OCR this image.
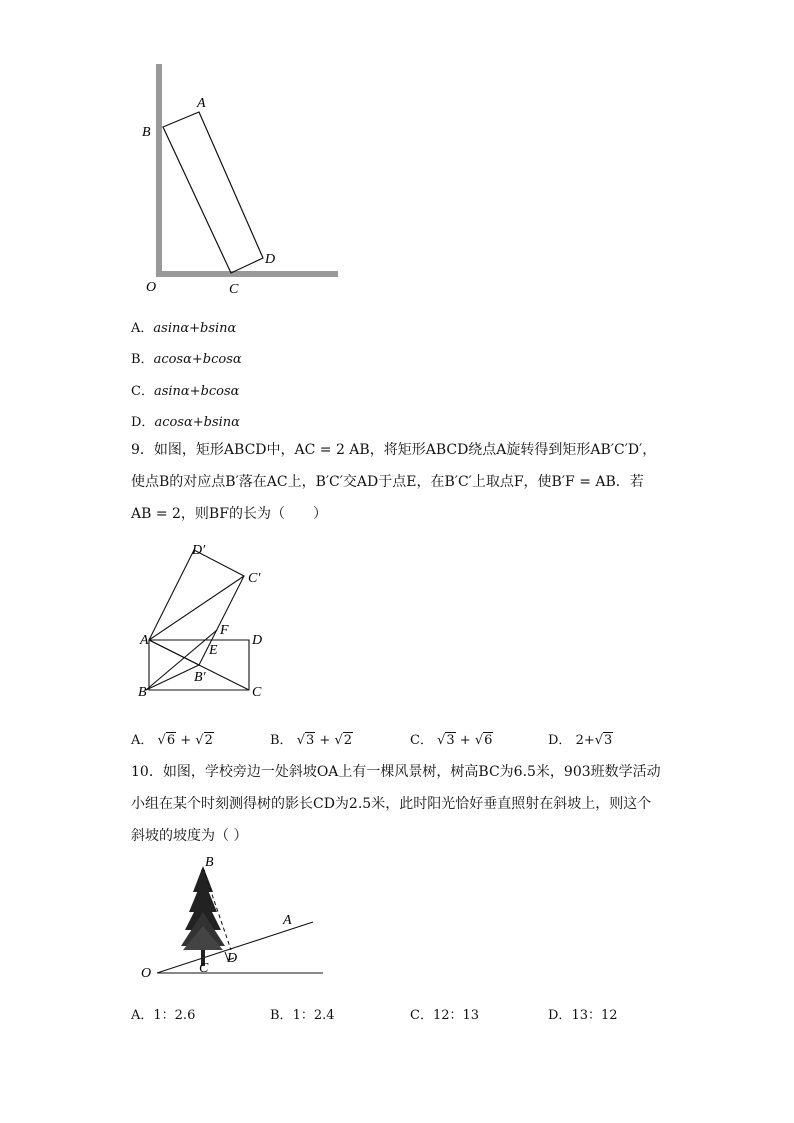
A
B
D
O	C
A．asinα+bsinα
B．acosα+bcosα
C．asinα+bcosα
D．acosα+bsinα
9．如图，矩形ABCD中，AC = 2 AB，将矩形ABCD绕点A旋转得到矩形AB′C′D′，
使点B的对应点B′落在AC上，B′C′交AD于点E，在B′C′上取点F，使B′F = AB．若
AB = 2，则BF的长为（　　）
D′
C′
A
F
D
E
B′
B	C
A． √6 + √2	B． √3 + √2	C． √3 + √6	D． 2+√3
10．如图，学校旁边一处斜坡OA上有一棵风景树，树高BC为6.5米，903班数学活动
小组在某个时刻测得树的影长CD为2.5米，此时阳光恰好垂直照射在斜坡上，则这个
斜坡的坡度为（ ）
B
A
O	C
D
A．1：2.6	B．1：2.4	C．12：13	D．13：12
